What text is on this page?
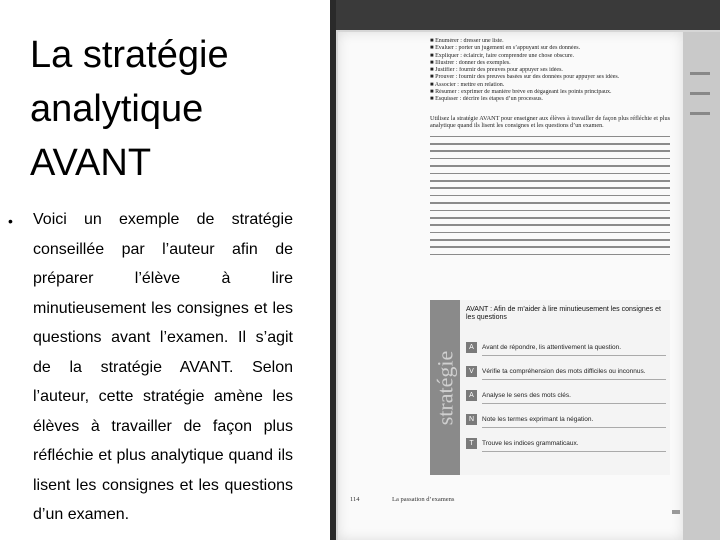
La stratégie
analytique
AVANT
• Voici un exemple de stratégie conseillée par l’auteur afin de préparer l’élève à lire minutieusement les consignes et les questions avant l’examen. Il s’agit de la stratégie AVANT. Selon l’auteur, cette stratégie amène les élèves à travailler de façon plus réfléchie et plus analytique quand ils lisent les consignes et les questions d’un examen.
■ Énumérer : dresser une liste.
■ Évaluer : porter un jugement en s’appuyant sur des données.
■ Expliquer : éclaircir, faire comprendre une chose obscure.
■ Illustrer : donner des exemples.
■ Justifier : fournir des preuves pour appuyer ses idées.
■ Prouver : fournir des preuves basées sur des données pour appuyer ses idées.
■ Associer : mettre en relation.
■ Résumer : exprimer de manière brève en dégageant les points principaux.
■ Esquisser : décrire les étapes d’un processus.
Utilisez la stratégie AVANT pour enseigner aux élèves à travailler de façon plus réfléchie et plus analytique quand ils lisent les consignes et les questions d’un examen.
stratégie
AVANT : Afin de m’aider à lire minutieusement les consignes et les questions
A	Avant de répondre, lis attentivement la question.
V	Vérifie ta compréhension des mots difficiles ou inconnus.
A	Analyse le sens des mots clés.
N	Note les termes exprimant la négation.
T	Trouve les indices grammaticaux.
114	La passation d’examens
